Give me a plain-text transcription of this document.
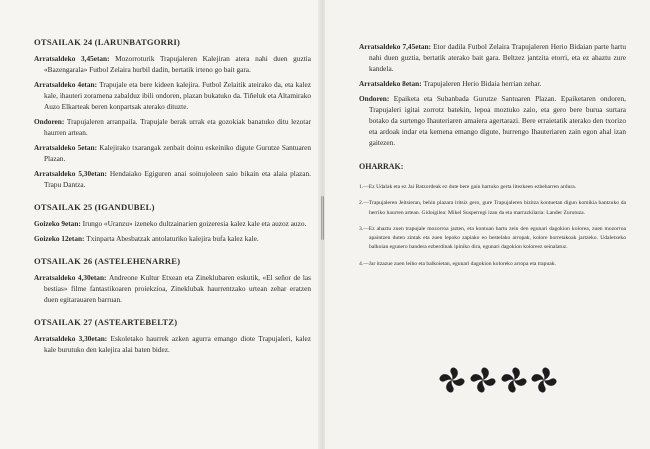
OTSAILAK 24 (LARUNBATGORRI)

Arratsaldeko 3,45etan: Mozorroturik Trapujaleren Kalejiran atera nahi duen guztia «Bazengarala» Futbol Zelaira hurbil dadin, bertatik irteno go bait gara.

Arratsaldeko 4etan: Trapujale eta bere kideen kalejira. Futbol Zelaitik ateirako da, eta kalez kale, ihauteri zoramena zabalduz ibili ondoren, plazan bukatuko da. Tiñeluk eta Altamirako Auzo Elkarteak beren konpartsak aterako dituzte.

Ondoren: Trapujaleren arranpaila. Trapujale berak urrak eta gozokiak banatuko ditu lezotar haurren artean.

Arratsaldeko 5etan: Kalejirako txarangak zenbait doinu eskeiniko digute Gurutze Santuaren Plazan.

Arratsaldeko 5,30etan: Hendaiako Egiguren anai soinujoleen saio bikain eta alaia plazan. Trapu Dantza.

OTSAILAK 25 (IGANDUBEL)

Goizeko 9etan: Irungo «Uranzu» izeneko dultzainarien goizeresia kalez kale eta auzoz auzo.

Goizeko 12etan: Txinparta Abesbatzak antolaturiko kalejira bufa kalez kale.

OTSAILAK 26 (ASTELEHENARRE)

Arratsaldeko 4,30etan: Andreone Kultur Etxean eta Zineklubaren eskutik, «El señor de las bestias» filme fantastikoaren proiekzioa, Zineklubak haurrentzako urtean zehar eratzen duen egitarauaren barruan.

OTSAILAK 27 (ASTEARTEBELTZ)

Arratsaldeko 3,30etan: Eskoletako haurrek azken agurra emango diote Trapujaleri, kalez kale burutuko den kalejira alai baten bidez.

Arratsaldeko 7,45etan: Etor dadila Futbol Zelaira Trapujaleren Herio Bidaian parte hartu nahi duen guztia, bertatik aterako bait gara. Beltzez jantzita etorri, eta ez ahaztu zure kandela.

Arratsaldeko 8etan: Trapujaleren Herio Bidaia herrian zehar.

Ondoren: Epaiketa eta Subanbada Gurutze Santuaren Plazan. Epaiketaren ondoren, Trapujaleri igitai zorrotz batekin, lepoa moztuko zaio, eta gero bere burua surtara botako da surtengo Ihauteriaren amaiera agertarazi. Bere erraietatik aterako den txorizo eta ardoak indar eta kemena emango digute, hurrengo Ihauteriaren zain egon ahal izan gaitezen.

OHARRAK:

1.—Ez Udalak eta ez Jai Batzordeak ez dute bere gain hartuko gerta litezkeen ezbeharren ardura.

2.—Trapujaleren Jeitsieran, behin plazara iritsiz gero, gure Trapujaleren bizitza kontuetan digun komikia bantzuko da herriko haurren artean. Gidoigilea: Mikel Susperregi izan da eta marrazkilaria: Lander Zurutuza.

3.—Ez ahaztu zuen trapujale mozorroa jazten, eta kontuan hartu zein den egunari dagokion kolorea, zuen mozorroa apaintzen duten zintak eta zuen lepoko zapiako eo bestelako arropak, kolore horretakoak jartzeko. Udaletxeko balkoian egunero bandera ezberdinak ipiniko dira, egunari dagokion koloreez seinalatuz.

4.—Jar itzazue zuen leiho eta balkoietan, egunari dagokion koloreko arropa eta trapuak.
